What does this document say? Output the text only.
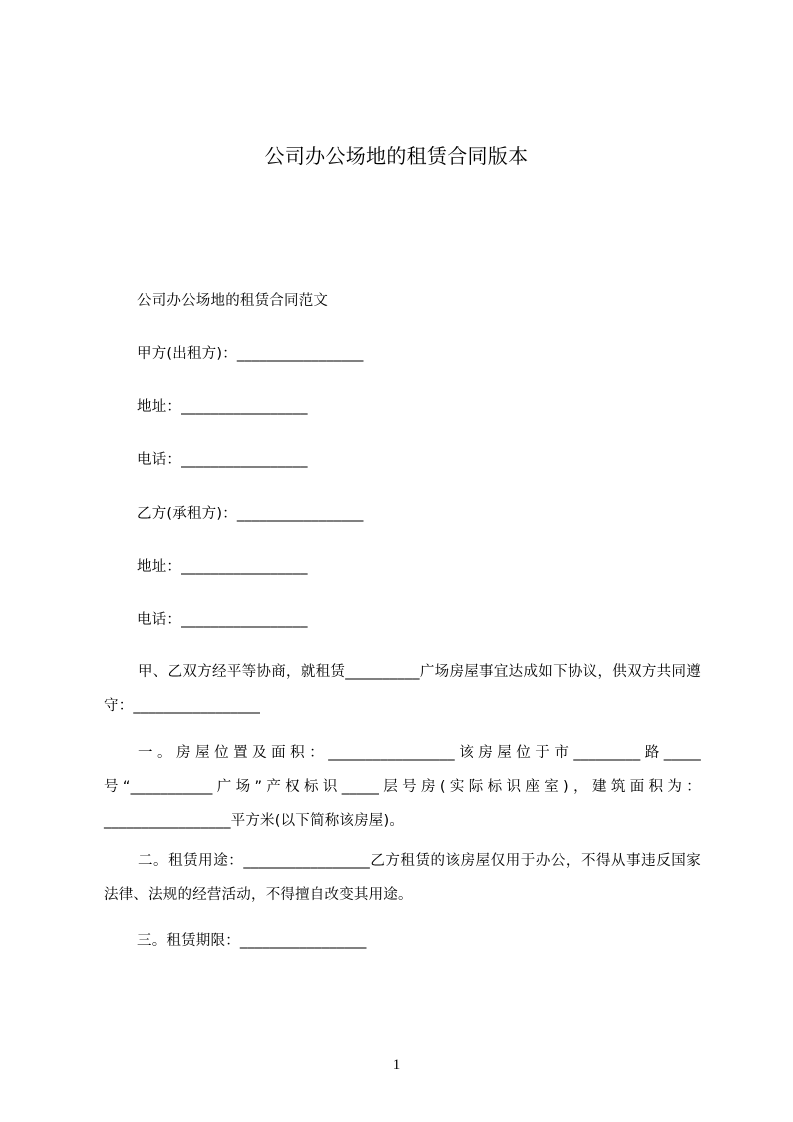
公司办公场地的租赁合同版本
公司办公场地的租赁合同范文
甲方(出租方)：_________________
地址：_________________
电话：_________________
乙方(承租方)：_________________
地址：_________________
电话：_________________

甲、乙双方经平等协商，就租赁__________广场房屋事宜达成如下协议，供双方共同遵守：_________________

一。房屋位置及面积：_________________该房屋位于市_________路_____号“___________广场”产权标识_____层号房(实际标识座室)，建筑面积为：_________________平方米(以下简称该房屋)。

二。租赁用途：_________________乙方租赁的该房屋仅用于办公，不得从事违反国家法律、法规的经营活动，不得擅自改变其用途。

三。租赁期限：_________________
1
